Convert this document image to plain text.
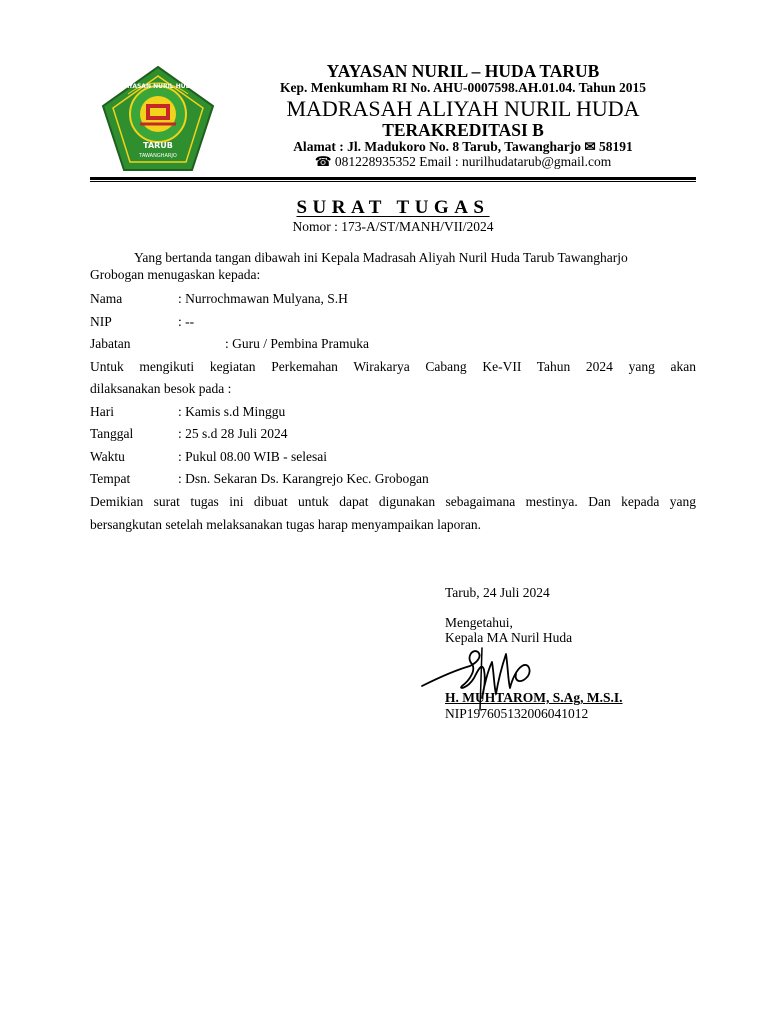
TARUB
TAWANGHARJO
YAYASAN NURIL HUDA
YAYASAN NURIL – HUDA TARUB
Kep. Menkumham RI No. AHU-0007598.AH.01.04. Tahun 2015
MADRASAH ALIYAH NURIL HUDA
TERAKREDITASI B
Alamat : Jl. Madukoro No. 8 Tarub, Tawangharjo ✉ 58191
☎ 081228935352 Email : nurilhudatarub@gmail.com
SURAT TUGAS
Nomor : 173-A/ST/MANH/VII/2024
Yang bertanda tangan dibawah ini Kepala Madrasah Aliyah Nuril Huda Tarub Tawangharjo
Grobogan menugaskan kepada:
Nama	: Nurrochmawan Mulyana, S.H
NIP	: --
Jabatan	: Guru / Pembina Pramuka
Untuk mengikuti kegiatan Perkemahan Wirakarya Cabang Ke-VII Tahun 2024 yang akan
dilaksanakan besok pada :
Hari	: Kamis s.d Minggu
Tanggal	: 25 s.d 28 Juli 2024
Waktu	: Pukul 08.00 WIB - selesai
Tempat	: Dsn. Sekaran Ds. Karangrejo Kec. Grobogan
Demikian surat tugas ini dibuat untuk dapat digunakan sebagaimana mestinya. Dan kepada yang
bersangkutan setelah melaksanakan tugas harap menyampaikan laporan.
Tarub, 24 Juli 2024
Mengetahui,
Kepala MA Nuril Huda
H. MUHTAROM, S.Ag, M.S.I.
NIP197605132006041012
